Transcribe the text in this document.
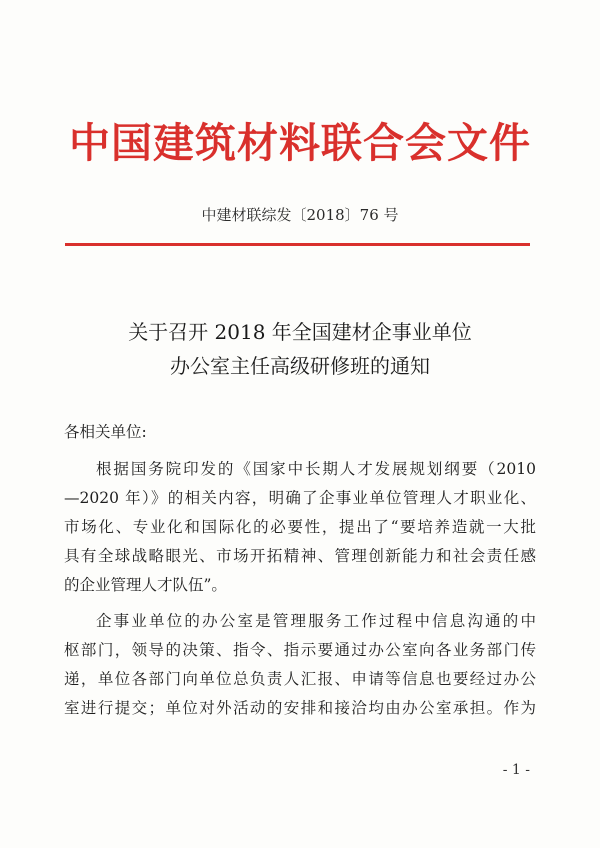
中国建筑材料联合会文件
中建材联综发〔2018〕76 号
关于召开 2018 年全国建材企事业单位
办公室主任高级研修班的通知
各相关单位:
根据国务院印发的《国家中长期人才发展规划纲要（2010
—2020 年）》的相关内容，明确了企事业单位管理人才职业化、
市场化、专业化和国际化的必要性，提出了“要培养造就一大批
具有全球战略眼光、市场开拓精神、管理创新能力和社会责任感
的企业管理人才队伍”。
企事业单位的办公室是管理服务工作过程中信息沟通的中
枢部门，领导的决策、指令、指示要通过办公室向各业务部门传
递，单位各部门向单位总负责人汇报、申请等信息也要经过办公
室进行提交；单位对外活动的安排和接洽均由办公室承担。作为
- 1 -
